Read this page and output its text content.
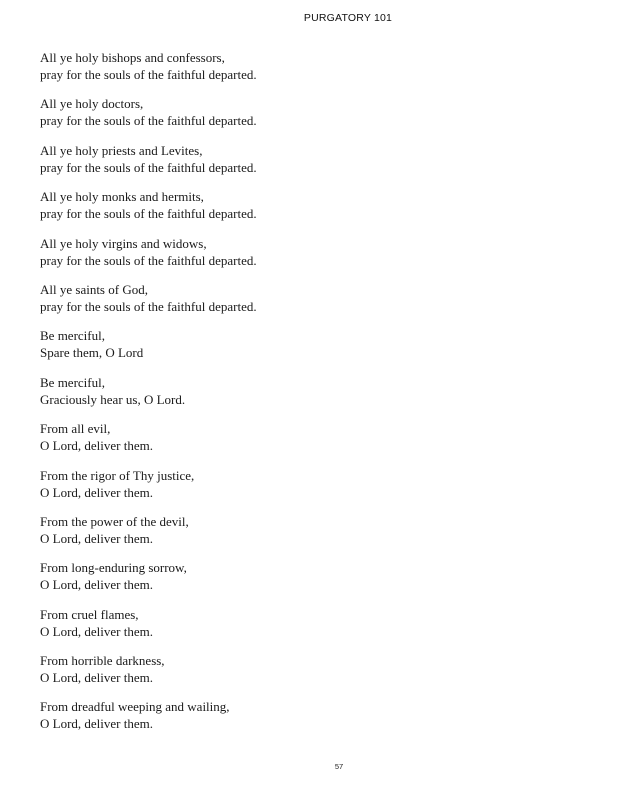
PURGATORY 101
All ye holy bishops and confessors,
pray for the souls of the faithful departed.
All ye holy doctors,
pray for the souls of the faithful departed.
All ye holy priests and Levites,
pray for the souls of the faithful departed.
All ye holy monks and hermits,
pray for the souls of the faithful departed.
All ye holy virgins and widows,
pray for the souls of the faithful departed.
All ye saints of God,
pray for the souls of the faithful departed.
Be merciful,
Spare them, O Lord
Be merciful,
Graciously hear us, O Lord.
From all evil,
O Lord, deliver them.
From the rigor of Thy justice,
O Lord, deliver them.
From the power of the devil,
O Lord, deliver them.
From long-enduring sorrow,
O Lord, deliver them.
From cruel flames,
O Lord, deliver them.
From horrible darkness,
O Lord, deliver them.
From dreadful weeping and wailing,
O Lord, deliver them.
57
